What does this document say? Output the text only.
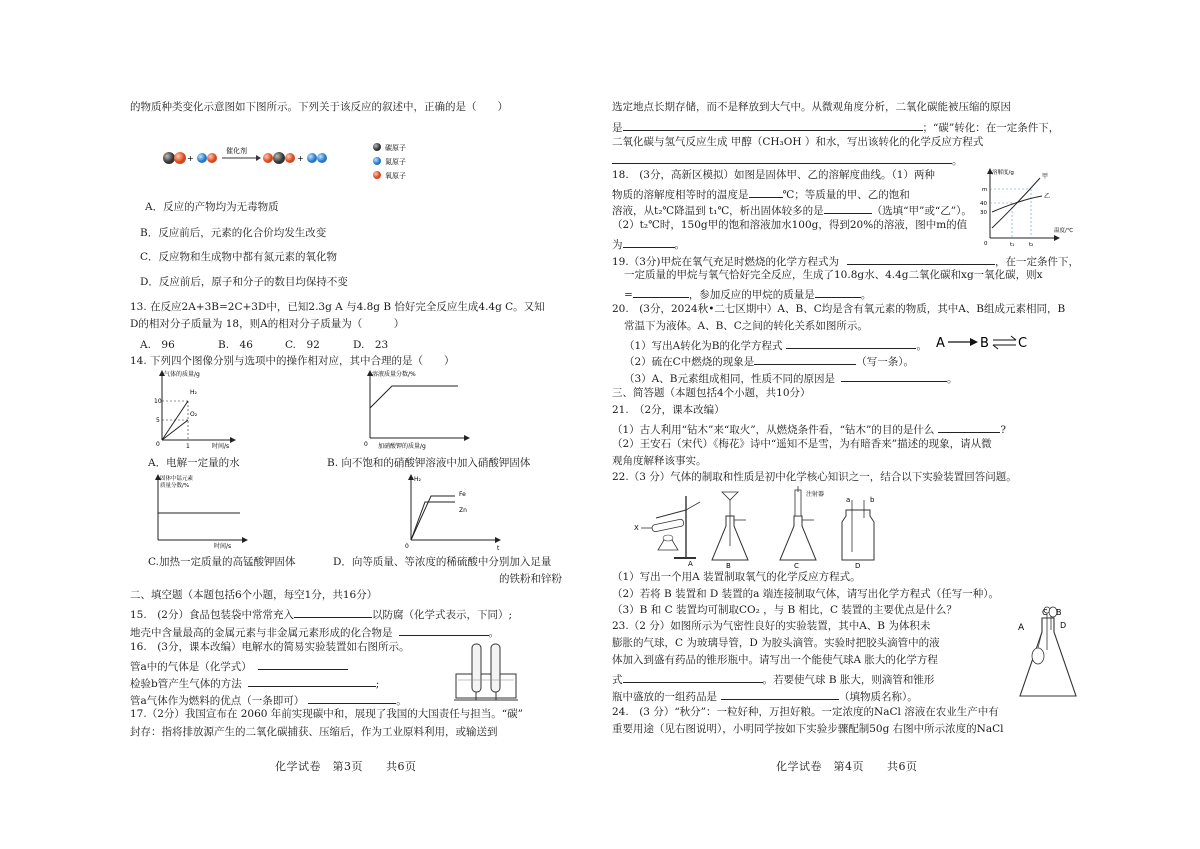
的物质种类变化示意图如下图所示。下列关于该反应的叙述中，正确的是（　　）
+
催化剂
+
碳原子
氮原子
氧原子
A．反应的产物均为无毒物质
B．反应前后，元素的化合价均发生改变
C．反应物和生成物中都有氮元素的氧化物
D．反应前后，原子和分子的数目均保持不变
13. 在反应2A+3B=2C+3D中，已知2.3g A 与4.8g B 恰好完全反应生成4.4g C。又知
D的相对分子质量为 18，则A的相对分子质量为（　　　）
A.　96	B.　46	C.　92	D.　23
14. 下列四个图像分别与选项中的操作相对应，其中合理的是（　　）
气体的质量/g
时间/s
10
5
0	1
H₂
O₂
溶液质量分数/%
0 加硝酸钾的质量/g
A．电解一定量的水	B. 向不饱和的硝酸钾溶液中加入硝酸钾固体
固体中锰元素
质量分数/%
时间/s
H₂
t
0
Fe
Zn
C.加热一定质量的高锰酸钾固体	D．向等质量、等浓度的稀硫酸中分别加入足量
的铁粉和锌粉
二、填空题（本题包括6个小题，每空1分，共16分）
15.　(2分）食品包装袋中常常充入	以防腐（化学式表示，下同）;
地壳中含量最高的金属元素与非金属元素形成的化合物是	。
16.　(3分，课本改编）电解水的简易实验装置如右图所示。
管a中的气体是（化学式）
检验b管产生气体的方法	;
管a气体作为燃料的优点（一条即可）	。
17.（2分）我国宣布在 2060 年前实现碳中和，展现了我国的大国责任与担当。“碳”
封存：指将排放源产生的二氧化碳捕获、压缩后，作为工业原料利用，或输送到
化学试卷　第3页　　共6页
选定地点长期存储，而不是释放到大气中。从微观角度分析，二氧化碳能被压缩的原因
是	；“碳”转化：在一定条件下，
二氧化碳与氢气反应生成 甲醇（CH₃OH ）和水，写出该转化的化学反应方程式
。
18.　(3分，高新区模拟）如图是固体甲、乙的溶解度曲线。（1）两种
物质的溶解度相等时的温度是	℃；等质量的甲、乙的饱和
溶液，从t₂℃降温到 t₁℃，析出固体较多的是	（选填“甲”或“乙”）。
（2）t₂℃时，150g甲的饱和溶液加水100g，得到20%的溶液，图中m的值
为	。
溶解度/g
温度/℃
m
40
30
0	t₁	t₂
甲
乙
19.（3分)甲烷在氧气充足时燃烧的化学方程式为	，在一定条件下，
一定质量的甲烷与氧气恰好完全反应，生成了10.8g水、4.4g二氧化碳和xg一氧化碳，则x
=	，参加反应的甲烷的质量是	。
20.　(3分，2024秋•二七区期中）A、B、C均是含有氧元素的物质，其中A、B组成元素相同，B
常温下为液体。A、B、C之间的转化关系如图所示。
（1）写出A转化为B的化学方程式	。
（2）硫在C中燃烧的现象是	（写一条）。
（3）A、B元素组成相同，性质不同的原因是	。
A	B C
三、简答题（本题包括4个小题，共10分）
21.　（2分，课本改编）
（1）古人利用“钻木”来“取火”，从燃烧条件看，“钻木”的目的是什么	?
（2）王安石（宋代）《梅花》诗中“遥知不是雪，为有暗香来”描述的现象，请从微
观角度解释该事实。
22.（3 分）气体的制取和性质是初中化学核心知识之一，结合以下实验装置回答问题。
X
A	B
注射器
C
a	b
D
（1）写出一个用A 装置制取氧气的化学反应方程式。
（2）若将 B 装置和 D 装置的a 端连接制取气体，请写出化学方程式（任写一种）。
（3）B 和 C 装置均可制取CO₂ ，与 B 相比，C 装置的主要优点是什么？
23.（2 分）如图所示为气密性良好的实验装置，其中A、B 为体积未
膨胀的气球，C 为玻璃导管，D 为胶头滴管。实验时把胶头滴管中的液
体加入到盛有药品的锥形瓶中。请写出一个能使气球A 胀大的化学方程
式	。若要使气球 B 胀大，则滴管和锥形
瓶中盛放的一组药品是	（填物质名称）。
A
C B
D
24.　(3 分）“秋分”：一粒好种，万担好粮。一定浓度的NaCl 溶液在农业生产中有
重要用途（见右图说明），小明同学按如下实验步骤配制50g 右图中所示浓度的NaCl
化学试卷　第4页　　共6页
